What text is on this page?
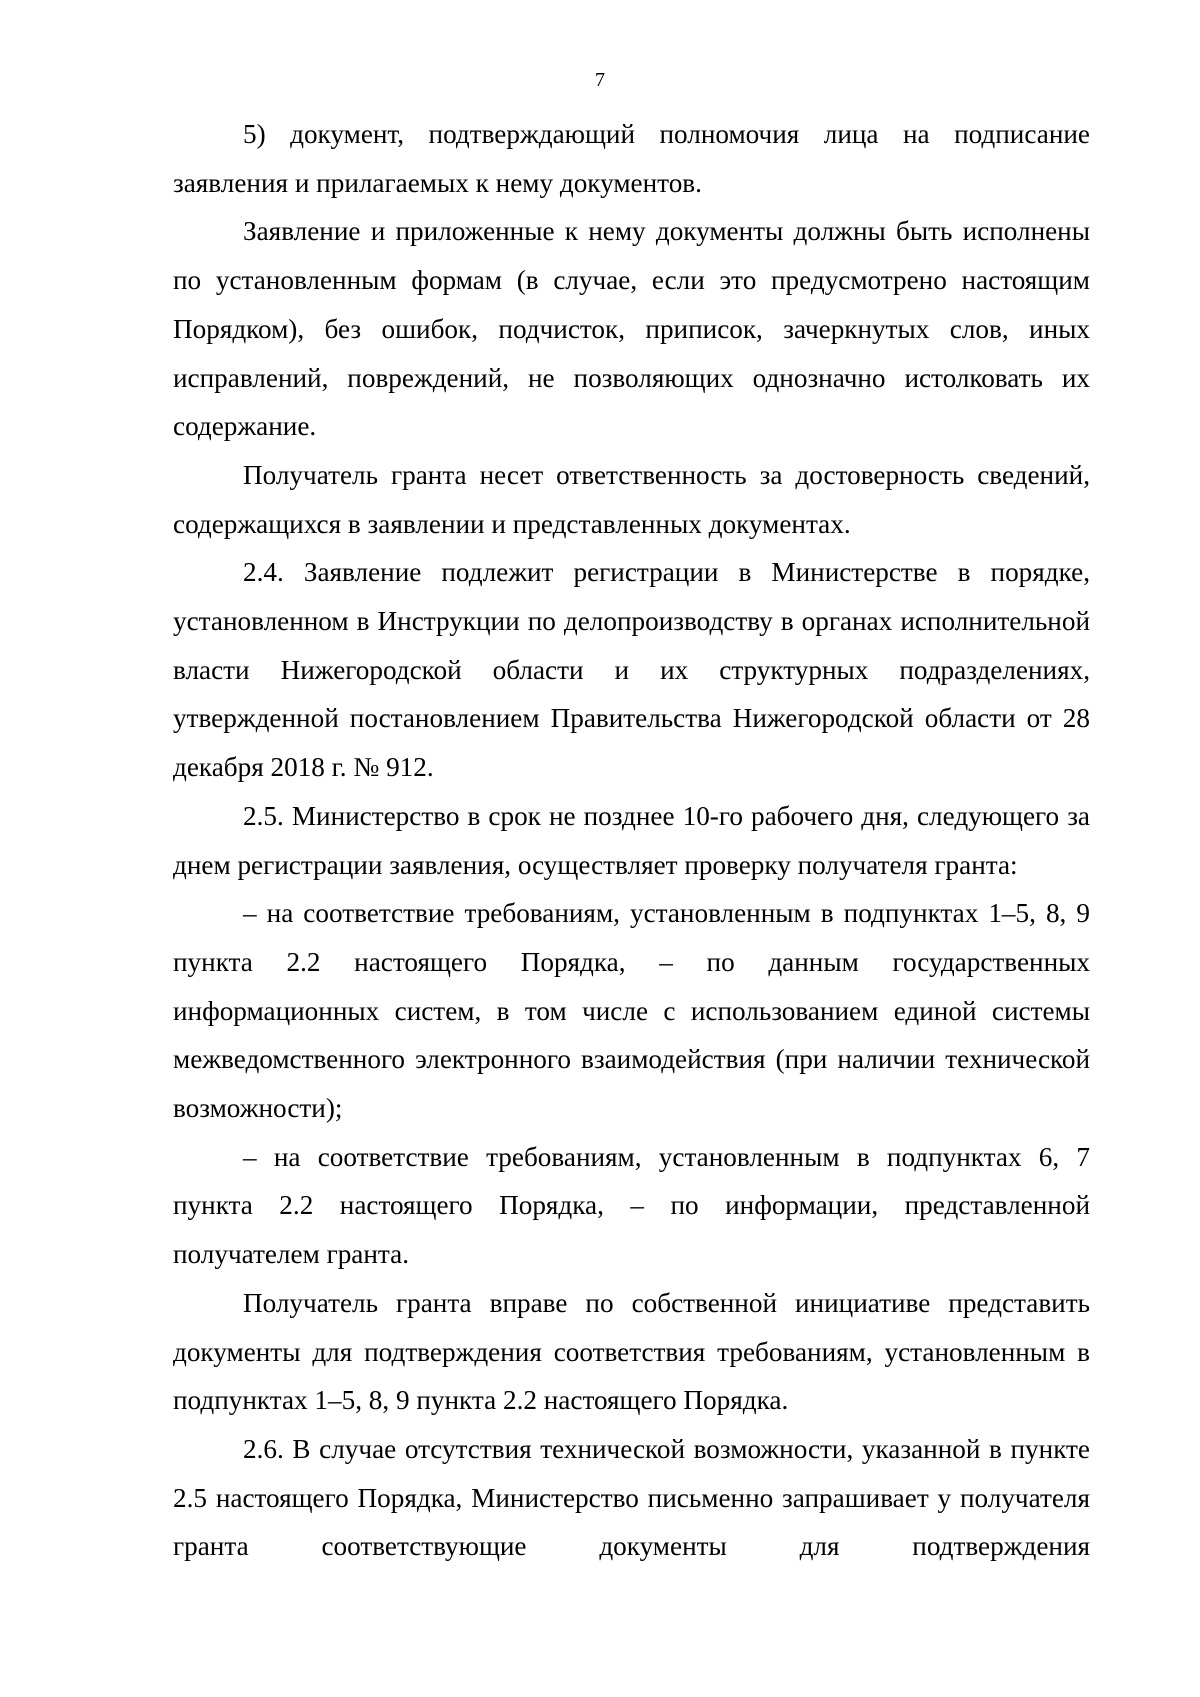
7

5) документ, подтверждающий полномочия лица на подписание заявления и прилагаемых к нему документов.

Заявление и приложенные к нему документы должны быть исполнены по установленным формам (в случае, если это предусмотрено настоящим Порядком), без ошибок, подчисток, приписок, зачеркнутых слов, иных исправлений, повреждений, не позволяющих однозначно истолковать их содержание.

Получатель гранта несет ответственность за достоверность сведений, содержащихся в заявлении и представленных документах.

2.4. Заявление подлежит регистрации в Министерстве в порядке, установленном в Инструкции по делопроизводству в органах исполнительной власти Нижегородской области и их структурных подразделениях, утвержденной постановлением Правительства Нижегородской области от 28 декабря 2018 г. № 912.

2.5. Министерство в срок не позднее 10-го рабочего дня, следующего за днем регистрации заявления, осуществляет проверку получателя гранта:

– на соответствие требованиям, установленным в подпунктах 1–5, 8, 9 пункта 2.2 настоящего Порядка, – по данным государственных информационных систем, в том числе с использованием единой системы межведомственного электронного взаимодействия (при наличии технической возможности);

– на соответствие требованиям, установленным в подпунктах 6, 7 пункта 2.2 настоящего Порядка, – по информации, представленной получателем гранта.

Получатель гранта вправе по собственной инициативе представить документы для подтверждения соответствия требованиям, установленным в подпунктах 1–5, 8, 9 пункта 2.2 настоящего Порядка.

2.6. В случае отсутствия технической возможности, указанной в пункте 2.5 настоящего Порядка, Министерство письменно запрашивает у получателя гранта соответствующие документы для подтверждения
